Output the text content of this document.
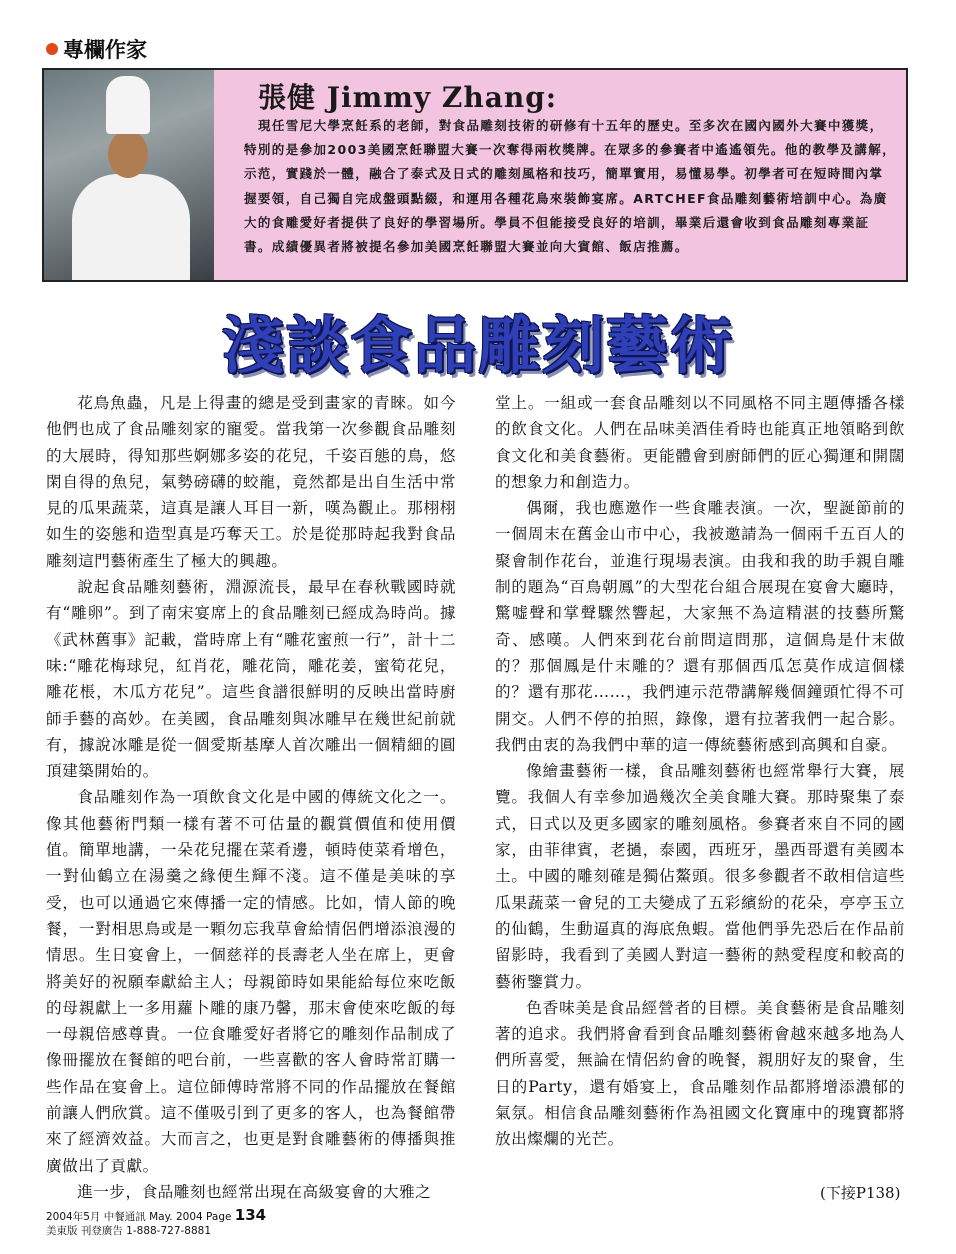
專欄作家
張健 Jimmy Zhang:
現任雪尼大學烹飪系的老師，對食品雕刻技術的研修有十五年的歷史。至多次在國內國外大賽中獲獎，特別的是參加2003美國烹飪聯盟大賽一次奪得兩枚獎牌。在眾多的參賽者中遙遙領先。他的教學及講解，示范，實踐於一體，融合了泰式及日式的雕刻風格和技巧，簡單實用，易懂易學。初學者可在短時間內掌握要領，自己獨自完成盤頭點綴，和運用各種花鳥來裝飾宴席。ARTCHEF食品雕刻藝術培訓中心。為廣大的食雕愛好者提供了良好的學習場所。學員不但能接受良好的培訓，畢業后還會收到食品雕刻專業証書。成績優異者將被提名參加美國烹飪聯盟大賽並向大賓館、飯店推薦。
淺談食品雕刻藝術

花鳥魚蟲，凡是上得畫的總是受到畫家的青睞。如今他們也成了食品雕刻家的寵愛。當我第一次參觀食品雕刻的大展時，得知那些婀娜多姿的花兒，千姿百態的鳥，悠閑自得的魚兒，氣勢磅礴的蛟龍，竟然都是出自生活中常見的瓜果蔬菜，這真是讓人耳目一新，嘆為觀止。那栩栩如生的姿態和造型真是巧奪天工。於是從那時起我對食品雕刻這門藝術產生了極大的興趣。

說起食品雕刻藝術，淵源流長，最早在春秋戰國時就有“雕卵”。到了南宋宴席上的食品雕刻已經成為時尚。據《武林舊事》記載，當時席上有“雕花蜜煎一行”，計十二味:“雕花梅球兒，紅肖花，雕花筒，雕花姜，蜜筍花兒，雕花棖，木瓜方花兒”。這些食譜很鮮明的反映出當時廚師手藝的高妙。在美國，食品雕刻與冰雕早在幾世紀前就有，據說冰雕是從一個愛斯基摩人首次雕出一個精細的圓頂建築開始的。

食品雕刻作為一項飲食文化是中國的傳統文化之一。像其他藝術門類一樣有著不可估量的觀賞價值和使用價值。簡單地講，一朵花兒擺在菜肴邊，頓時使菜肴增色，一對仙鶴立在湯羹之緣便生輝不淺。這不僅是美味的享受，也可以通過它來傳播一定的情感。比如，情人節的晚餐，一對相思鳥或是一顆勿忘我草會給情侶們增添浪漫的情思。生日宴會上，一個慈祥的長壽老人坐在席上，更會將美好的祝願奉獻給主人；母親節時如果能給每位來吃飯的母親獻上一多用蘿卜雕的康乃馨，那末會使來吃飯的每一母親倍感尊貴。一位食雕愛好者將它的雕刻作品制成了像冊擺放在餐館的吧台前，一些喜歡的客人會時常訂購一些作品在宴會上。這位師傅時常將不同的作品擺放在餐館前讓人們欣賞。這不僅吸引到了更多的客人，也為餐館帶來了經濟效益。大而言之，也更是對食雕藝術的傳播與推廣做出了貢獻。

進一步，食品雕刻也經常出現在高級宴會的大雅之

堂上。一組或一套食品雕刻以不同風格不同主題傳播各樣的飲食文化。人們在品味美酒佳肴時也能真正地領略到飲食文化和美食藝術。更能體會到廚師們的匠心獨運和開闊的想象力和創造力。

偶爾，我也應邀作一些食雕表演。一次，聖誕節前的一個周末在舊金山市中心，我被邀請為一個兩千五百人的聚會制作花台，並進行現場表演。由我和我的助手親自雕制的題為“百鳥朝鳳”的大型花台組合展現在宴會大廳時，驚嘘聲和掌聲驟然響起，大家無不為這精湛的技藝所驚奇、感嘆。人們來到花台前問這問那，這個鳥是什末做的？那個鳳是什末雕的？還有那個西瓜怎莫作成這個樣的？還有那花……，我們連示范帶講解幾個鐘頭忙得不可開交。人們不停的拍照，錄像，還有拉著我們一起合影。我們由衷的為我們中華的這一傳統藝術感到高興和自豪。

像繪畫藝術一樣，食品雕刻藝術也經常舉行大賽，展覽。我個人有幸參加過幾次全美食雕大賽。那時聚集了泰式，日式以及更多國家的雕刻風格。參賽者來自不同的國家，由菲律賓，老撾，泰國，西班牙，墨西哥還有美國本土。中國的雕刻確是獨佔鰲頭。很多參觀者不敢相信這些瓜果蔬菜一會兒的工夫變成了五彩繽紛的花朵，亭亭玉立的仙鶴，生動逼真的海底魚蝦。當他們爭先恐后在作品前留影時，我看到了美國人對這一藝術的熱愛程度和較高的藝術鑒賞力。

色香味美是食品經營者的目標。美食藝術是食品雕刻著的追求。我們將會看到食品雕刻藝術會越來越多地為人們所喜愛，無論在情侶約會的晚餐，親朋好友的聚會，生日的Party，還有婚宴上，食品雕刻作品都將增添濃郁的氣氛。相信食品雕刻藝術作為祖國文化寶庫中的瑰寶都將放出燦爛的光芒。

(下接P138)
2004年5月 中餐通訊 May. 2004 Page 134
美東版 刊登廣告 1-888-727-8881
